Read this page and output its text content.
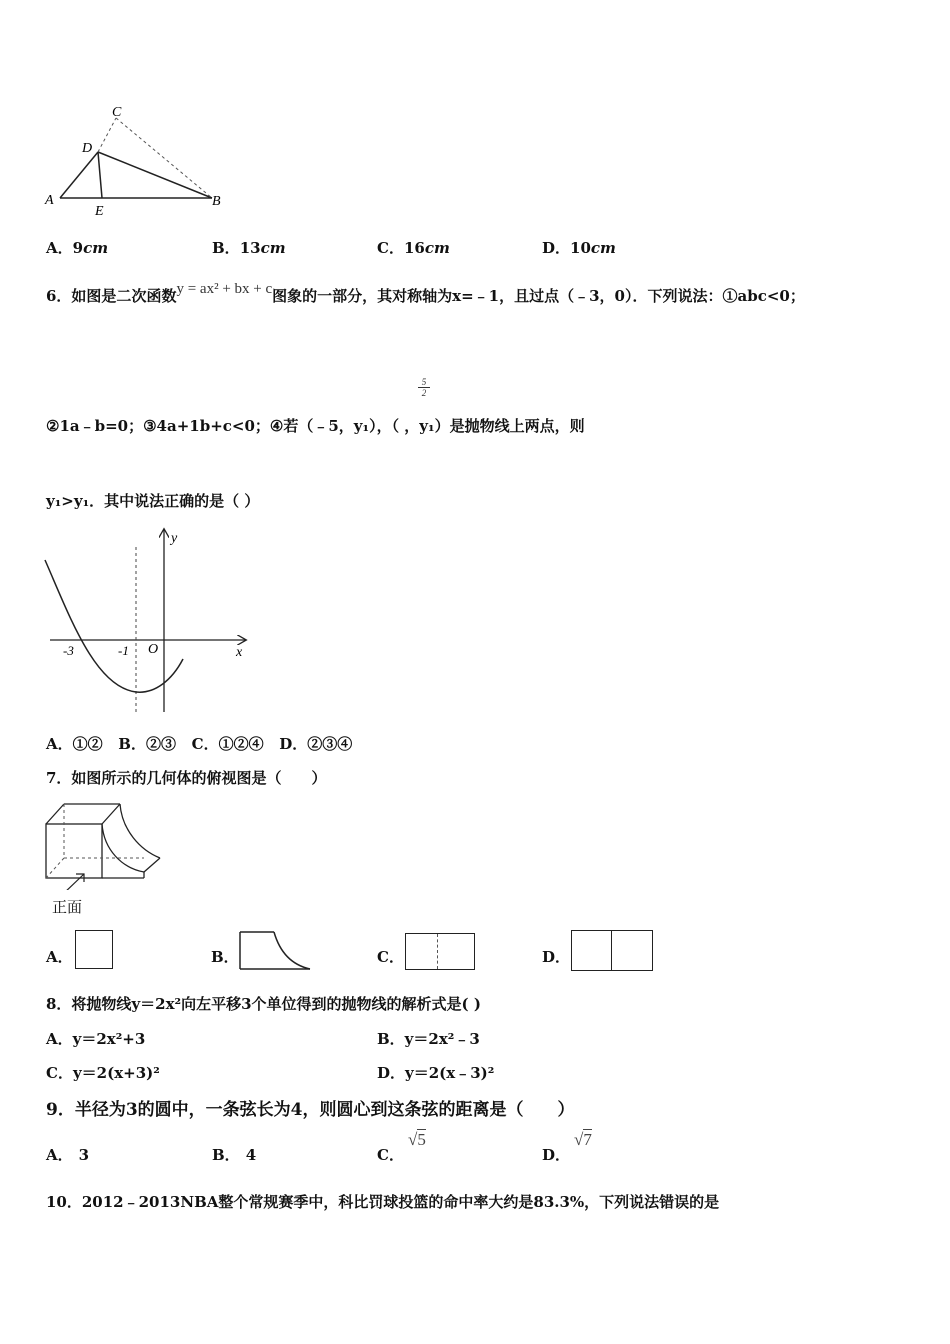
C
D
A	B
E
A．9cm	B．13cm	C．16cm	D．10cm
6．如图是二次函数y = ax² + bx + c图象的一部分，其对称轴为x=﹣1，且过点（﹣3，0）．下列说法：①abc<0；
5
2
②1a﹣b=0；③4a+1b+c<0；④若（﹣5，y₁），（ ，y₁）是抛物线上两点，则
y₁>y₁．其中说法正确的是（ ）
y
x
O
-3	-1
A．①②   B．②③   C．①②④   D．②③④
7．如图所示的几何体的俯视图是（　　）
正面
A．	B．	C．	D．
8．将抛物线y＝2x²向左平移3个单位得到的抛物线的解析式是( )
A．y＝2x²+3	B．y＝2x²﹣3
C．y＝2(x+3)²	D．y＝2(x﹣3)²
9．半径为3的圆中，一条弦长为4，则圆心到这条弦的距离是（　　）
A． 3	B． 4	C．
√5
D．
√7
10．2012﹣2013NBA整个常规赛季中，科比罚球投篮的命中率大约是83.3%，下列说法错误的是
